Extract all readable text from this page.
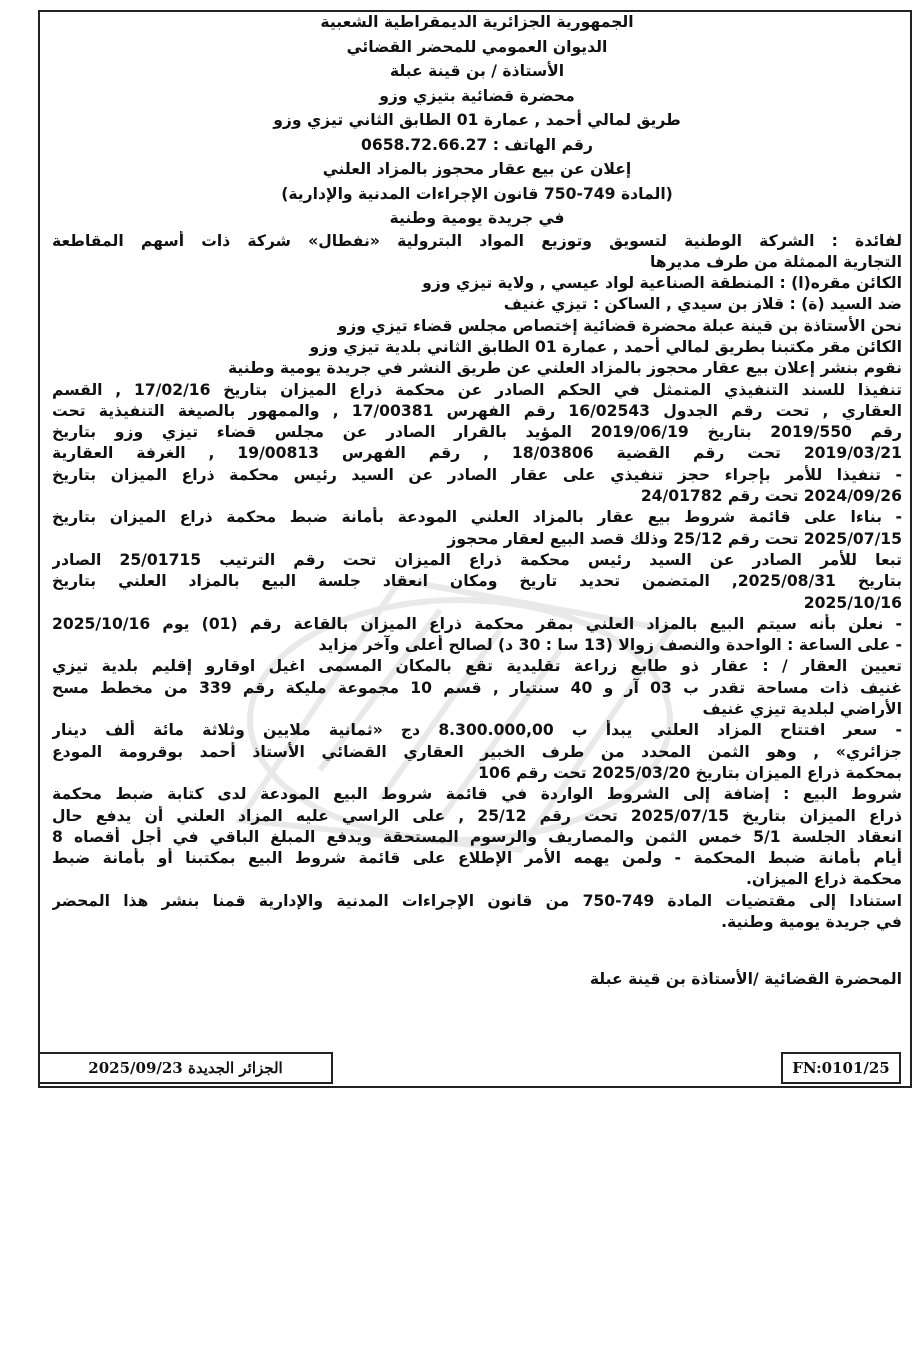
الجمهورية الجزائرية الديمقراطية الشعبية
الديوان العمومي للمحضر القضائي
الأستاذة / بن قينة عبلة
محضرة قضائية بتيزي وزو
طريق لمالي أحمد , عمارة 01 الطابق الثاني تيزي وزو
رقم الهاتف : 0658.72.66.27
إعلان عن بيع عقار محجوز بالمزاد العلني
(المادة 749-750 قانون الإجراءات المدنية والإدارية)
في جريدة يومية وطنية
لفائدة : الشركة الوطنية لتسويق وتوزيع المواد البترولية «نفطال» شركة ذات أسهم المقاطعة
التجارية الممثلة من طرف مديرها
الكائن مقره(ا) : المنطقة الصناعية لواد عيسي , ولاية تيزي وزو
ضد السيد (ة) : قلاز بن سيدي , الساكن : تيزي غنيف
نحن الأستاذة بن قينة عبلة محضرة قضائية إختصاص مجلس قضاء تيزي وزو
الكائن مقر مكتبنا بطريق لمالي أحمد , عمارة 01 الطابق الثاني بلدية تيزي وزو
نقوم بنشر إعلان بيع عقار محجوز بالمزاد العلني عن طريق النشر في جريدة يومية وطنية
تنفيذا للسند التنفيذي المتمثل في الحكم الصادر عن محكمة ذراع الميزان بتاريخ 17/02/16 , القسم
العقاري , تحت رقم الجدول 16/02543 رقم الفهرس 17/00381 , والممهور بالصيغة التنفيذية تحت
رقم 2019/550 بتاريخ 2019/06/19 المؤيد بالقرار الصادر عن مجلس قضاء تيزي وزو بتاريخ
2019/03/21 تحت رقم القضية 18/03806 , رقم الفهرس 19/00813 , الغرفة العقارية
- تنفيذا للأمر بإجراء حجز تنفيذي على عقار الصادر عن السيد رئيس محكمة ذراع الميزان بتاريخ
2024/09/26 تحت رقم 24/01782
- بناءا على قائمة شروط بيع عقار بالمزاد العلني المودعة بأمانة ضبط محكمة ذراع الميزان بتاريخ
2025/07/15 تحت رقم 25/12 وذلك قصد البيع لعقار محجوز
تبعا للأمر الصادر عن السيد رئيس محكمة ذراع الميزان تحت رقم الترتيب 25/01715 الصادر
بتاريخ 2025/08/31, المتضمن تحديد تاريخ ومكان انعقاد جلسة البيع بالمزاد العلني بتاريخ
2025/10/16
- نعلن بأنه سيتم البيع بالمزاد العلني بمقر محكمة ذراع الميزان بالقاعة رقم (01) يوم 2025/10/16
- على الساعة : الواحدة والنصف زوالا (13 سا : 30 د) لصالح أعلى وآخر مزايد
تعيين العقار / : عقار ذو طابع زراعة تقليدية تقع بالمكان المسمى اغيل اوقارو إقليم بلدية تيزي
غنيف ذات مساحة تقدر ب 03 آر و 40 سنتيار , قسم 10 مجموعة مليكة رقم 339 من مخطط مسح
الأراضي لبلدية تيزي غنيف
- سعر افتتاح المزاد العلني يبدأ ب 8.300.000,00 دج «ثمانية ملايين وثلاثة مائة ألف دينار
جزائري» , وهو الثمن المحدد من طرف الخبير العقاري القضائي الأستاذ أحمد بوقرومة المودع
بمحكمة ذراع الميزان بتاريخ 2025/03/20 تحت رقم 106
شروط البيع : إضافة إلى الشروط الواردة في قائمة شروط البيع المودعة لدى كتابة ضبط محكمة
ذراع الميزان بتاريخ 2025/07/15 تحت رقم 25/12 , على الراسي عليه المزاد العلني أن يدفع حال
انعقاد الجلسة 5/1 خمس الثمن والمصاريف والرسوم المستحقة ويدفع المبلغ الباقي في أجل أقصاه 8
أيام بأمانة ضبط المحكمة - ولمن يهمه الأمر الإطلاع على قائمة شروط البيع بمكتبنا أو بأمانة ضبط
محكمة ذراع الميزان.
استنادا إلى مقتضيات المادة 749-750 من قانون الإجراءات المدنية والإدارية قمنا بنشر هذا المحضر
في جريدة يومية وطنية.
المحضرة القضائية /الأستاذة بن قينة عبلة
الجزائر الجديدة 2025/09/23	FN:0101/25
